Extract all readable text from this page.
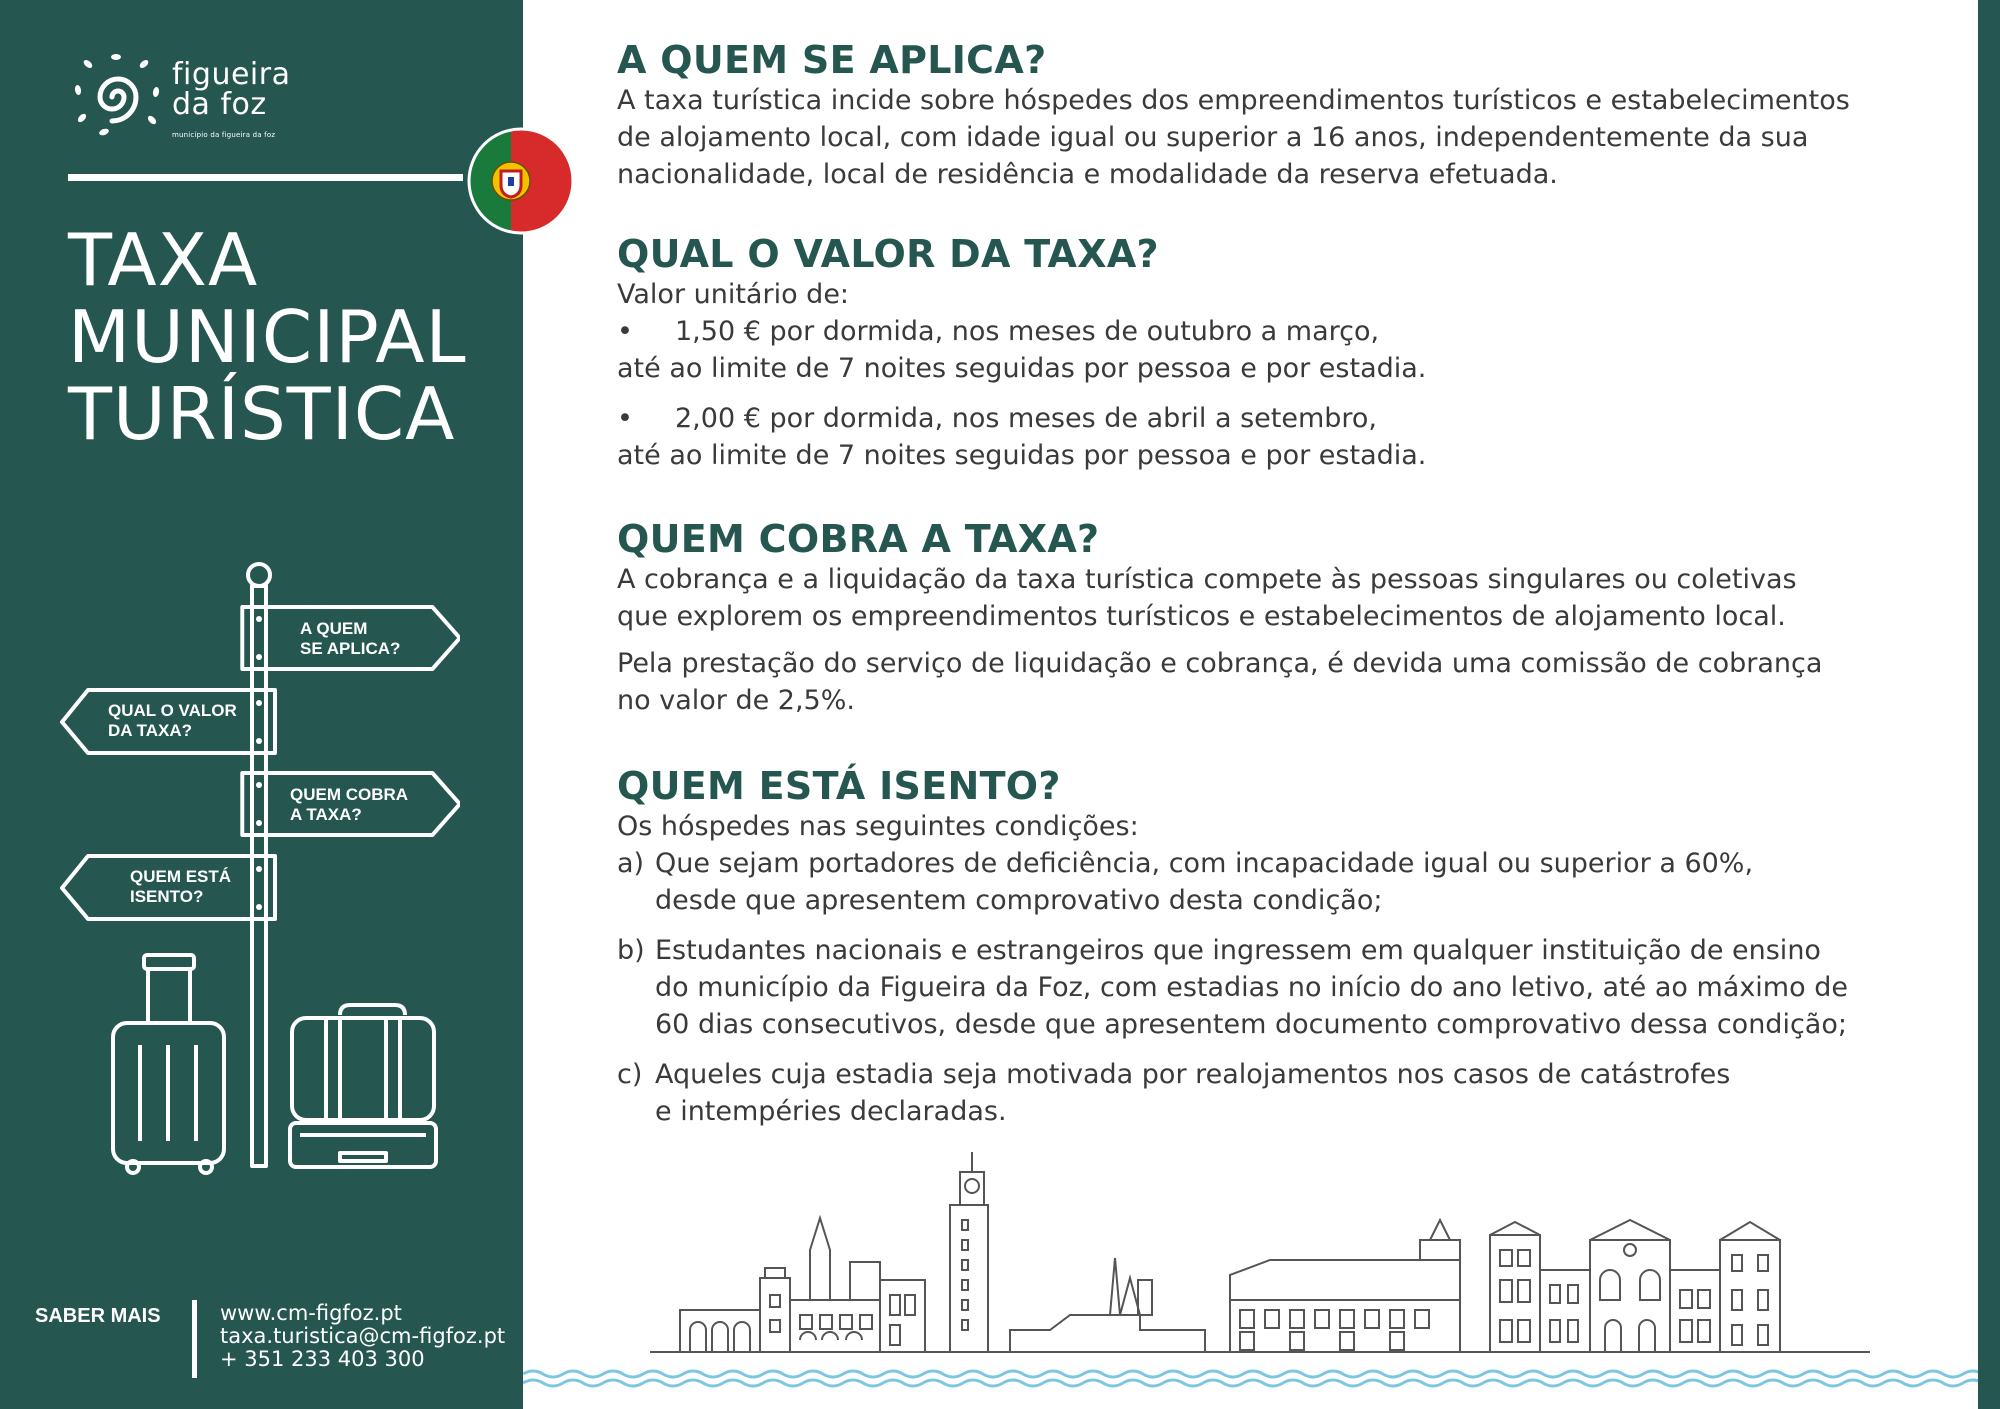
figueira
da foz
município da figueira da foz
TAXA
MUNICIPAL
TURÍSTICA
A QUEM
SE APLICA?
QUAL O VALOR
DA TAXA?
QUEM COBRA
A TAXA?
QUEM ESTÁ
ISENTO?
SABER MAIS	www.cm-figfoz.pt
taxa.turistica@cm-figfoz.pt
+ 351 233 403 300
A QUEM SE APLICA?

A taxa turística incide sobre hóspedes dos empreendimentos turísticos e estabelecimentos

de alojamento local, com idade igual ou superior a 16 anos, independentemente da sua

nacionalidade, local de residência e modalidade da reserva efetuada.

QUAL O VALOR DA TAXA?

Valor unitário de:

• 1,50 € por dormida, nos meses de outubro a março,

até ao limite de 7 noites seguidas por pessoa e por estadia.

• 2,00 € por dormida, nos meses de abril a setembro,

até ao limite de 7 noites seguidas por pessoa e por estadia.

QUEM COBRA A TAXA?

A cobrança e a liquidação da taxa turística compete às pessoas singulares ou coletivas

que explorem os empreendimentos turísticos e estabelecimentos de alojamento local.

Pela prestação do serviço de liquidação e cobrança, é devida uma comissão de cobrança

no valor de 2,5%.

QUEM ESTÁ ISENTO?

Os hóspedes nas seguintes condições:

a) Que sejam portadores de deficiência, com incapacidade igual ou superior a 60%,
desde que apresentem comprovativo desta condição;
b) Estudantes nacionais e estrangeiros que ingressem em qualquer instituição de ensino
do município da Figueira da Foz, com estadias no início do ano letivo, até ao máximo de
60 dias consecutivos, desde que apresentem documento comprovativo dessa condição;
c) Aqueles cuja estadia seja motivada por realojamentos nos casos de catástrofes
e intempéries declaradas.
